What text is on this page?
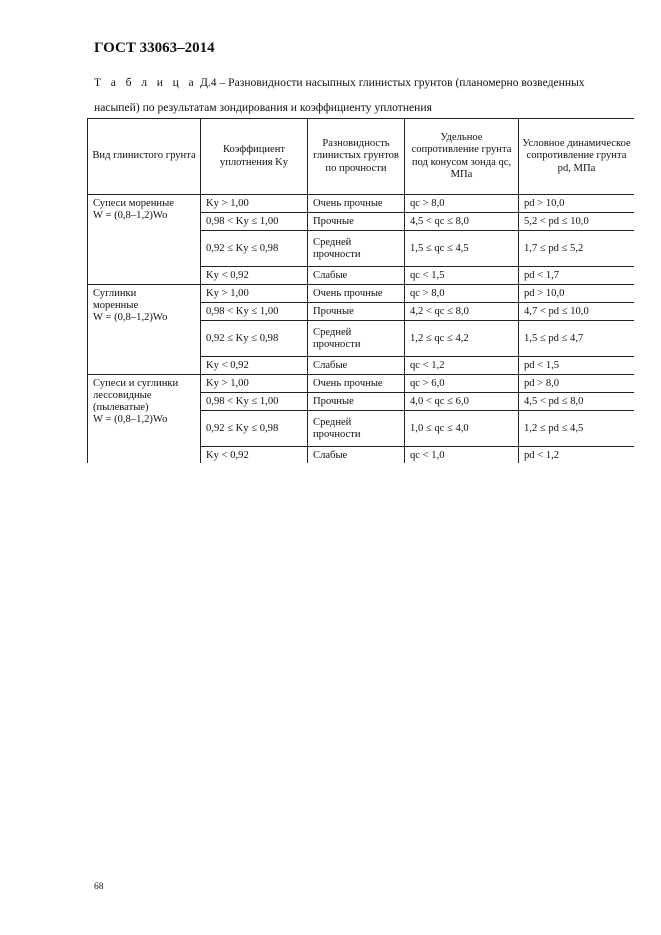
ГОСТ 33063–2014
Т а б л и ц а Д.4 – Разновидности насыпных глинистых грунтов (планомерно возведенных насыпей) по результатам зондирования и коэффициенту уплотнения
Вид глинистого грунта	Коэффициент уплотнения Ky	Разновидность глинистых грунтов по прочности	Удельное сопротивление грунта под конусом зонда qc, МПа	Условное динамическое сопротивление грунта pd, МПа

Супеси моренные
W = (0,8–1,2)Wo	Ky > 1,00	Очень прочные	qc > 8,0	pd > 10,0
	0,98 < Ky ≤ 1,00	Прочные	4,5 < qc ≤ 8,0	5,2 < pd ≤ 10,0
	0,92 ≤ Ky ≤ 0,98	Средней прочности	1,5 ≤ qc ≤ 4,5	1,7 ≤ pd ≤ 5,2
	Ky < 0,92	Слабые	qc < 1,5	pd < 1,7

Суглинки
моренные
W = (0,8–1,2)Wo	Ky > 1,00	Очень прочные	qc > 8,0	pd > 10,0
	0,98 < Ky ≤ 1,00	Прочные	4,2 < qc ≤ 8,0	4,7 < pd ≤ 10,0
	0,92 ≤ Ky ≤ 0,98	Средней прочности	1,2 ≤ qc ≤ 4,2	1,5 ≤ pd ≤ 4,7
	Ky < 0,92	Слабые	qc < 1,2	pd < 1,5

Супеси и суглинки
лессовидные
(пылеватые)
W = (0,8–1,2)Wo	Ky > 1,00	Очень прочные	qc > 6,0	pd > 8,0
	0,98 < Ky ≤ 1,00	Прочные	4,0 < qc ≤ 6,0	4,5 < pd ≤ 8,0
	0,92 ≤ Ky ≤ 0,98	Средней прочности	1,0 ≤ qc ≤ 4,0	1,2 ≤ pd ≤ 4,5
	Ky < 0,92	Слабые	qc < 1,0	pd < 1,2
68
